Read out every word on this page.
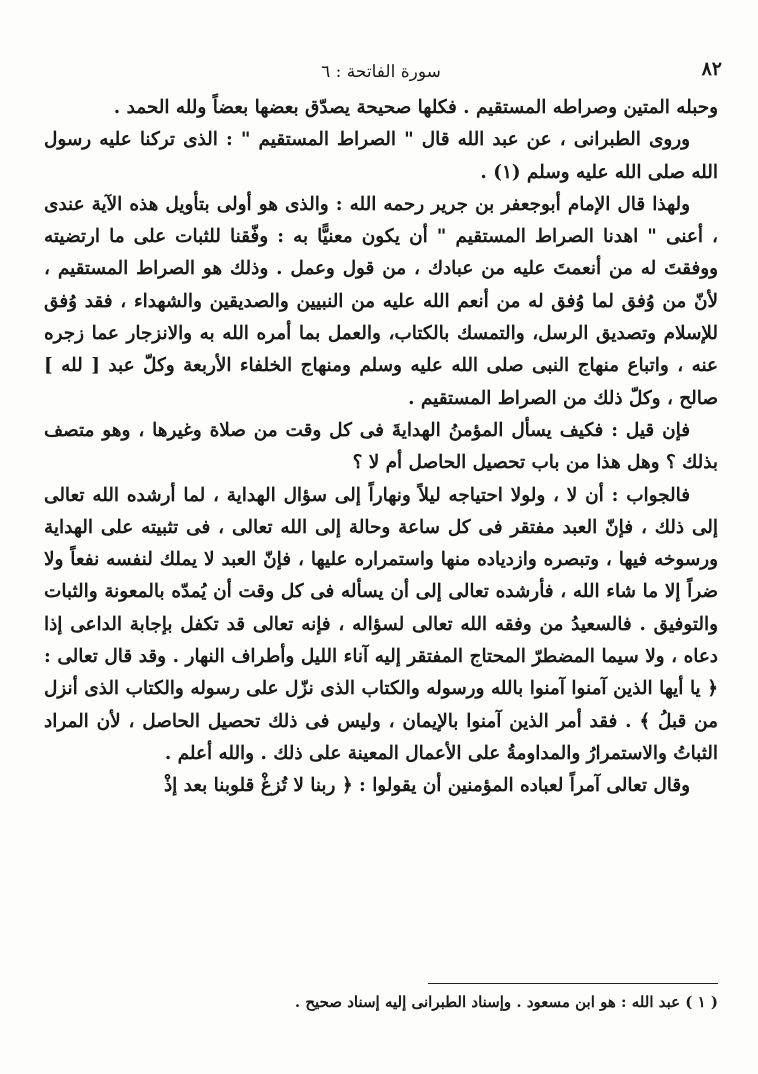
٨٢
سورة الفاتحة : ٦

وحبله المتين وصراطه المستقيم . فكلها صحيحة يصدّق بعضها بعضاً ولله الحمد .

وروى الطبرانى ، عن عبد الله قال " الصراط المستقيم " : الذى تركنا عليه رسول الله صلى الله عليه وسلم (١) .

ولهذا قال الإمام أبوجعفر بن جرير رحمه الله : والذى هو أولى بتأويل هذه الآية عندى ، أعنى " اهدنا الصراط المستقيم " أن يكون معنيًّا به : وفّقنا للثبات على ما ارتضيته ووفقتَ له من أنعمتَ عليه من عبادك ، من قول وعمل . وذلك هو الصراط المستقيم ، لأنّ من وُفق لما وُفق له من أنعم الله عليه من النبيين والصديقين والشهداء ، فقد وُفق للإسلام وتصديق الرسل، والتمسك بالكتاب، والعمل بما أمره الله به والانزجار عما زجره عنه ، واتباع منهاج النبى صلى الله عليه وسلم ومنهاج الخلفاء الأربعة وكلّ عبد [ لله ] صالح ، وكلّ ذلك من الصراط المستقيم .

فإن قيل : فكيف يسأل المؤمنُ الهدايةَ فى كل وقت من صلاة وغيرها ، وهو متصف بذلك ؟ وهل هذا من باب تحصيل الحاصل أم لا ؟

فالجواب : أن لا ، ولولا احتياجه ليلاً ونهاراً إلى سؤال الهداية ، لما أرشده الله تعالى إلى ذلك ، فإنّ العبد مفتقر فى كل ساعة وحالة إلى الله تعالى ، فى تثبيته على الهداية ورسوخه فيها ، وتبصره وازدياده منها واستمراره عليها ، فإنّ العبد لا يملك لنفسه نفعاً ولا ضراً إلا ما شاء الله ، فأرشده تعالى إلى أن يسأله فى كل وقت أن يُمدّه بالمعونة والثبات والتوفيق . فالسعيدُ من وفقه الله تعالى لسؤاله ، فإنه تعالى قد تكفل بإجابة الداعى إذا دعاه ، ولا سيما المضطرّ المحتاج المفتقر إليه آناء الليل وأطراف النهار . وقد قال تعالى : ﴿ يا أيها الذين آمنوا آمنوا بالله ورسوله والكتاب الذى نزّل على رسوله والكتاب الذى أنزل من قبلُ ﴾ . فقد أمر الذين آمنوا بالإيمان ، وليس فى ذلك تحصيل الحاصل ، لأن المراد الثباتُ والاستمرارُ والمداومةُ على الأعمال المعينة على ذلك . والله أعلم .

وقال تعالى آمراً لعباده المؤمنين أن يقولوا : ﴿ ربنا لا تُزغْ قلوبنا بعد إذْ

( ١ ) عبد الله : هو ابن مسعود . وإسناد الطبرانى إليه إسناد صحيح .
